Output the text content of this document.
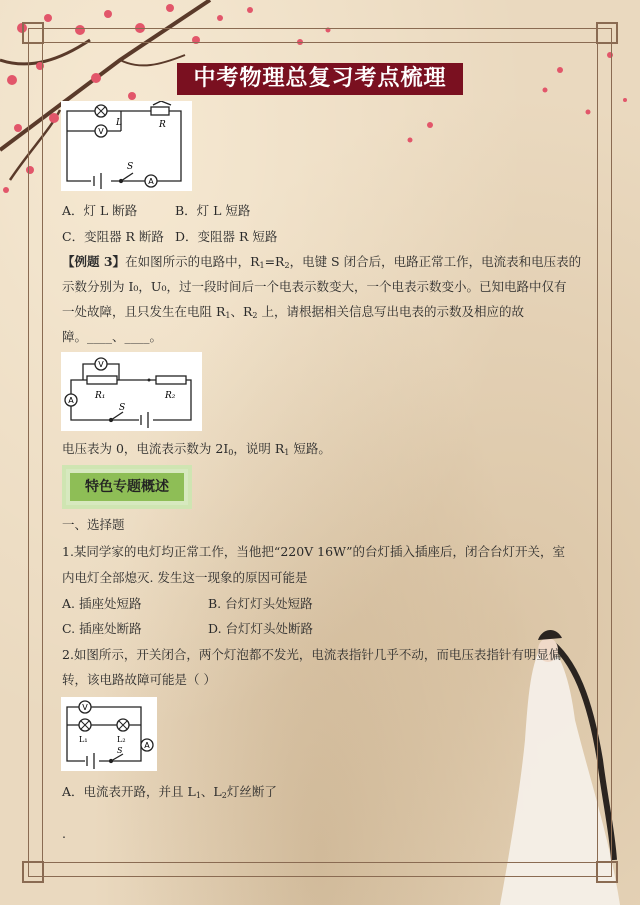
中考物理总复习考点梳理
V
L	R
S
A
A．灯 L 断路	B．灯 L 短路
C．变阻器 R 断路 D．变阻器 R 短路
【例题 3】在如图所示的电路中，$R_1=R_2$，电键 S 闭合后，电路正常工作，电流表和电压表的
示数分别为 I₀，U₀，过一段时间后一个电表示数变大，一个电表示数变小。已知电路中仅有
一处故障，且只发生在电阻 $R_1$、$R_2$ 上，请根据相关信息写出电表的示数及相应的故
障。____、____。
V
A R₁	R₂
S
电压表为 0，电流表示数为 $2I_0$，说明 $R_1$ 短路。
特色专题概述
一、选择题
1.某同学家的电灯均正常工作，当他把“220V 16W”的台灯插入插座后，闭合台灯开关，室
内电灯全部熄灭. 发生这一现象的原因可能是
A. 插座处短路	B. 台灯灯头处短路
C. 插座处断路	D. 台灯灯头处断路
2.如图所示，开关闭合，两个灯泡都不发光，电流表指针几乎不动，而电压表指针有明显偏
转，该电路故障可能是（ ）
V
L₁	L₂
A
S
A．电流表开路，并且 $L_1$、$L_2$灯丝断了
.
